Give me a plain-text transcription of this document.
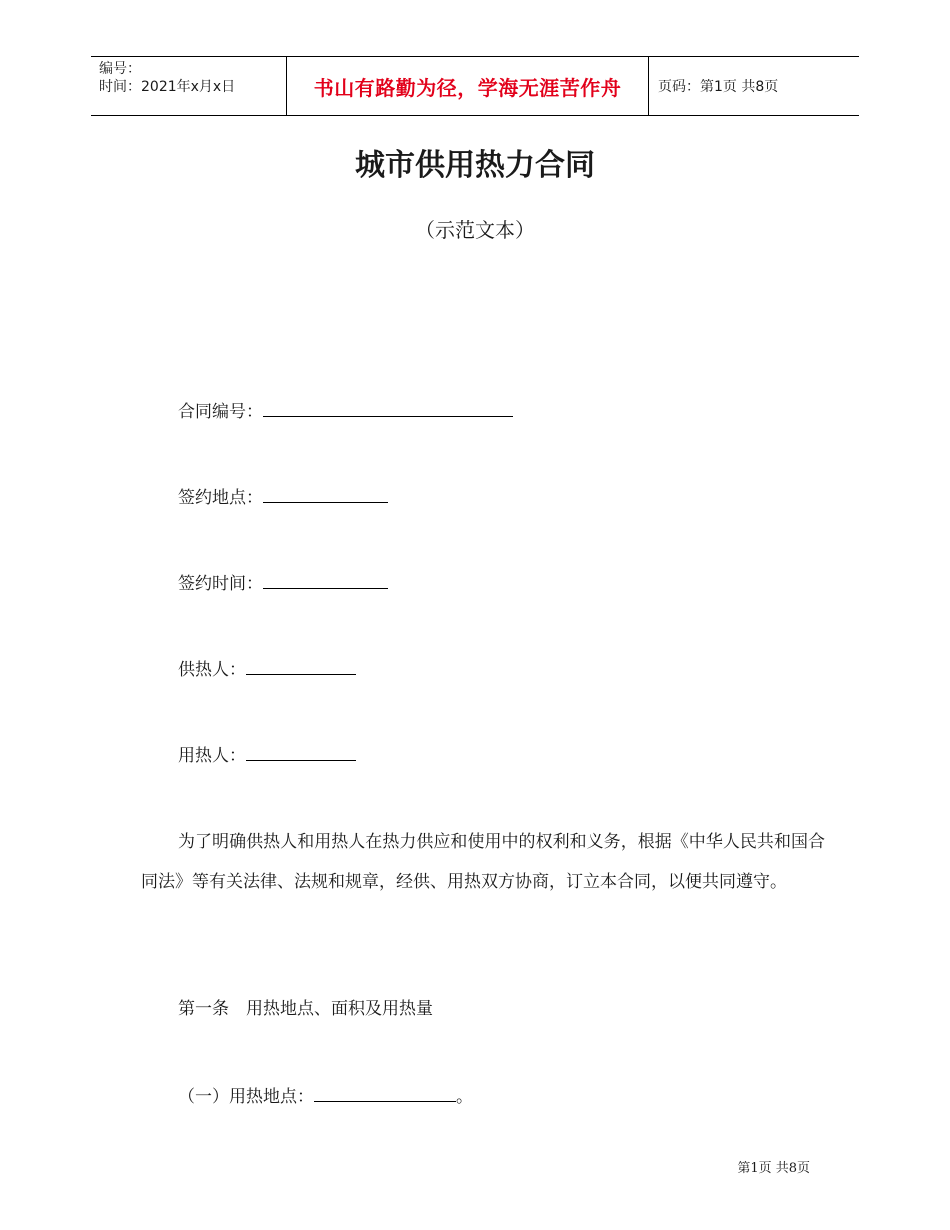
编号：
时间：2021年x月x日	书山有路勤为径，学海无涯苦作舟	页码：第1页 共8页
城市供用热力合同
（示范文本）
合同编号：
签约地点：
签约时间：
供热人：
用热人：
为了明确供热人和用热人在热力供应和使用中的权利和义务，根据《中华人民共和国合同法》等有关法律、法规和规章，经供、用热双方协商，订立本合同，以便共同遵守。
第一条　用热地点、面积及用热量
（一）用热地点：	。
第1页 共8页
